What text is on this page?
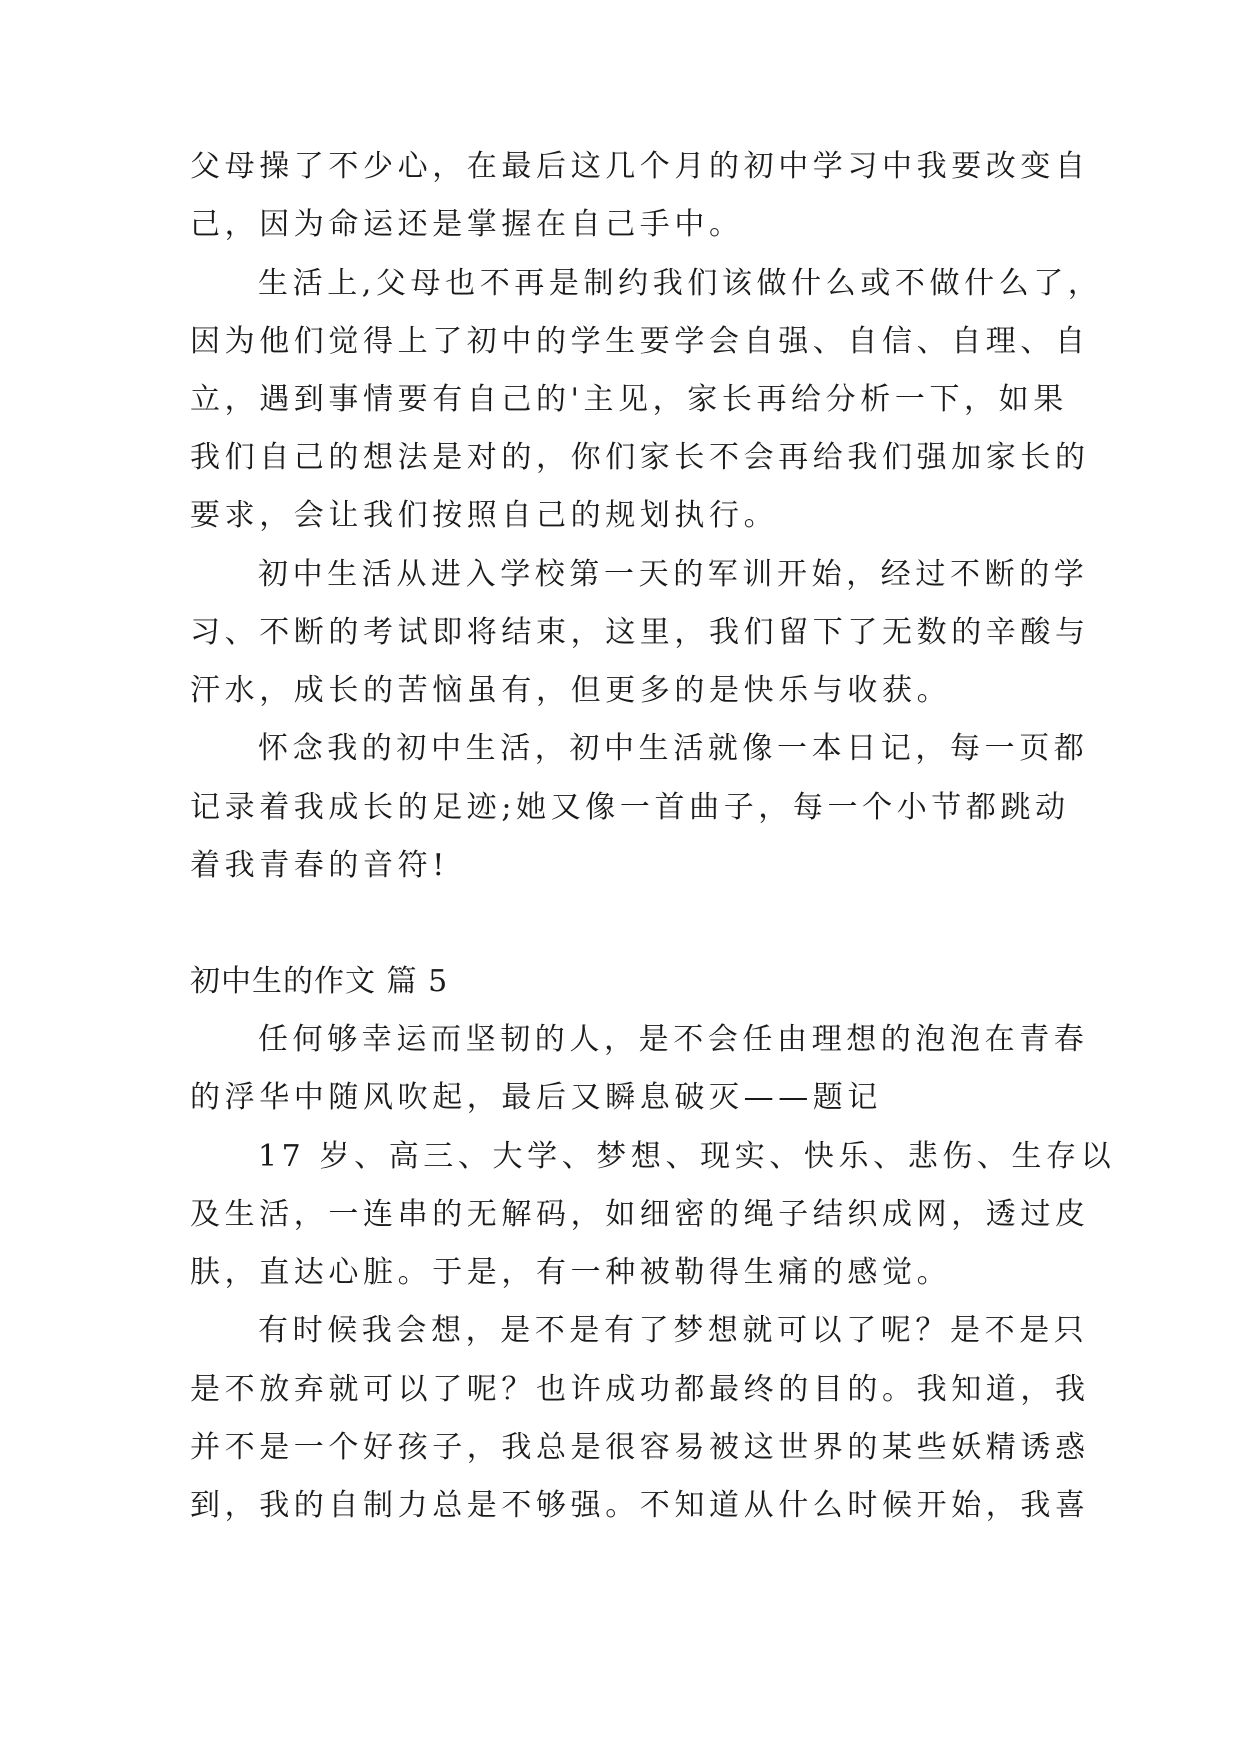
父母操了不少心，在最后这几个月的初中学习中我要改变自
己，因为命运还是掌握在自己手中。
生活上,父母也不再是制约我们该做什么或不做什么了，
因为他们觉得上了初中的学生要学会自强、自信、自理、自
立，遇到事情要有自己的'主见，家长再给分析一下，如果
我们自己的想法是对的，你们家长不会再给我们强加家长的
要求，会让我们按照自己的规划执行。
初中生活从进入学校第一天的军训开始，经过不断的学
习、不断的考试即将结束，这里，我们留下了无数的辛酸与
汗水，成长的苦恼虽有，但更多的是快乐与收获。
怀念我的初中生活，初中生活就像一本日记，每一页都
记录着我成长的足迹;她又像一首曲子，每一个小节都跳动
着我青春的音符!
初中生的作文 篇 5
任何够幸运而坚韧的人，是不会任由理想的泡泡在青春
的浮华中随风吹起，最后又瞬息破灭——题记
17 岁、高三、大学、梦想、现实、快乐、悲伤、生存以
及生活，一连串的无解码，如细密的绳子结织成网，透过皮
肤，直达心脏。于是，有一种被勒得生痛的感觉。
有时候我会想，是不是有了梦想就可以了呢？是不是只
是不放弃就可以了呢？也许成功都最终的目的。我知道，我
并不是一个好孩子，我总是很容易被这世界的某些妖精诱惑
到，我的自制力总是不够强。不知道从什么时候开始，我喜
